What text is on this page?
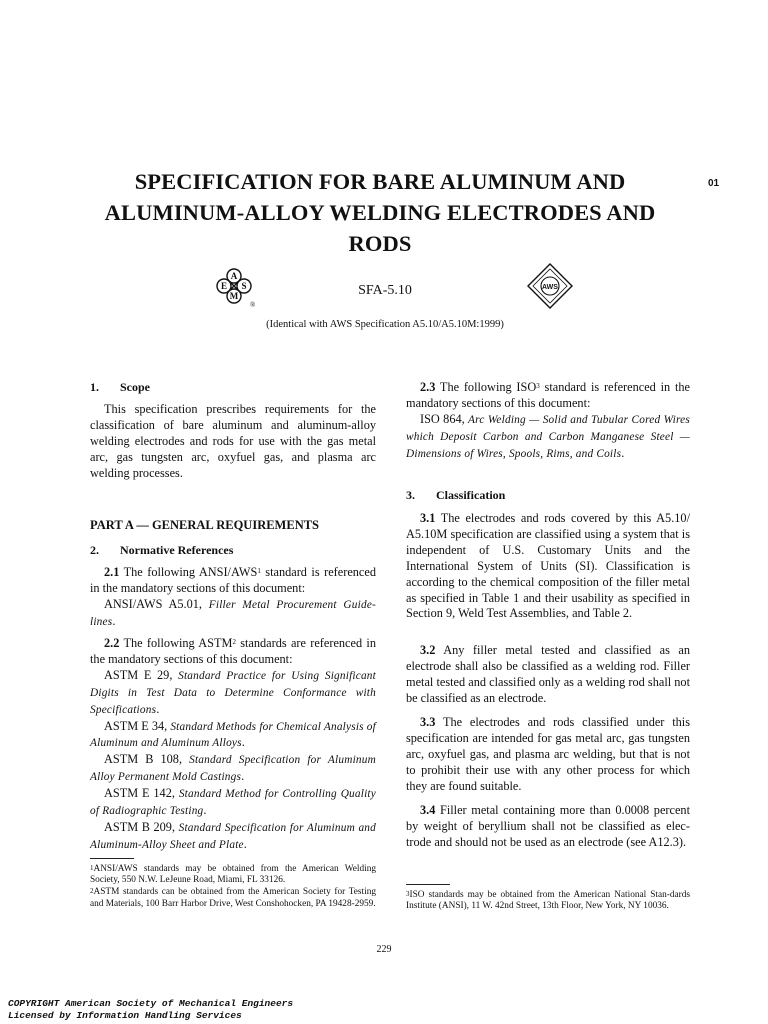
SPECIFICATION FOR BARE ALUMINUM AND
ALUMINUM-ALLOY WELDING ELECTRODES AND
RODS
01
A
E S
M
®
SFA-5.10	AWS
(Identical with AWS Specification A5.10/A5.10M:1999)

1. Scope

This specification prescribes requirements for the classification of bare aluminum and aluminum-alloy welding electrodes and rods for use with the gas metal arc, gas tungsten arc, oxyfuel gas, and plasma arc welding processes.

PART A — GENERAL REQUIREMENTS

2. Normative References

2.1 The following ANSI/AWS$^1$ standard is referenced in the mandatory sections of this document:

ANSI/AWS A5.01, Filler Metal Procurement Guide-lines.

2.2 The following ASTM$^2$ standards are referenced in the mandatory sections of this document:

ASTM E 29, Standard Practice for Using Significant Digits in Test Data to Determine Conformance with Specifications.

ASTM E 34, Standard Methods for Chemical Analysis of Aluminum and Aluminum Alloys.

ASTM B 108, Standard Specification for Aluminum Alloy Permanent Mold Castings.

ASTM E 142, Standard Method for Controlling Quality of Radiographic Testing.

ASTM B 209, Standard Specification for Aluminum and Aluminum-Alloy Sheet and Plate.

$^1$ANSI/AWS standards may be obtained from the American Welding Society, 550 N.W. LeJeune Road, Miami, FL 33126.

$^2$ASTM standards can be obtained from the American Society for Testing and Materials, 100 Barr Harbor Drive, West Conshohocken, PA 19428-2959.

2.3 The following ISO$^3$ standard is referenced in the mandatory sections of this document:

ISO 864, Arc Welding — Solid and Tubular Cored Wires which Deposit Carbon and Carbon Manganese Steel — Dimensions of Wires, Spools, Rims, and Coils.

3. Classification

3.1 The electrodes and rods covered by this A5.10/ A5.10M specification are classified using a system that is independent of U.S. Customary Units and the International System of Units (SI). Classification is according to the chemical composition of the filler metal as specified in Table 1 and their usability as specified in Section 9, Weld Test Assemblies, and Table 2.

3.2 Any filler metal tested and classified as an electrode shall also be classified as a welding rod. Filler metal tested and classified only as a welding rod shall not be classified as an electrode.

3.3 The electrodes and rods classified under this specification are intended for gas metal arc, gas tungsten arc, oxyfuel gas, and plasma arc welding, but that is not to prohibit their use with any other process for which they are found suitable.

3.4 Filler metal containing more than 0.0008 percent by weight of beryllium shall not be classified as elec-trode and should not be used as an electrode (see A12.3).

$^3$ISO standards may be obtained from the American National Stan-dards Institute (ANSI), 11 W. 42nd Street, 13th Floor, New York, NY 10036.

229
COPYRIGHT American Society of Mechanical Engineers
Licensed by Information Handling Services
